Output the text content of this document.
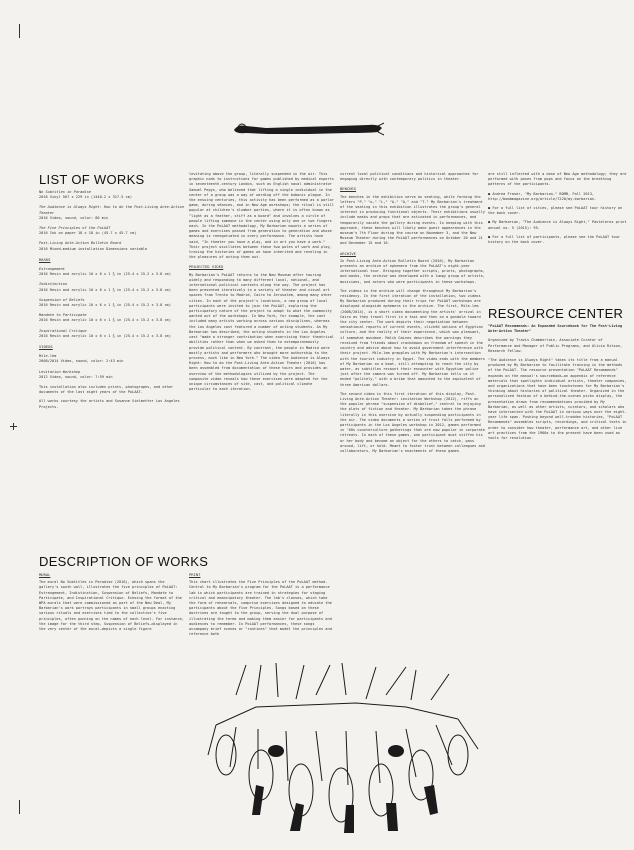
LIST OF WORKS
No Subtitles in Paradise
2016 Vinyl 567 x 229 in (1440.2 x 317.5 cm)
The Audience is Always Right: How to do the Post-Living Ante-Action Theater
2016 Video, sound, color: 80 min
The Five Principles of the PoLAAT
2016 Ink on paper 18 x 18 in (45.7 x 45.7 cm)
Post-Living Ante-Action Bulletin Board
2016 Mixed-medium installation Dimensions variable
MASKS
Estrangement
2016 Resin and acrylic 10 x 6 x 1 ¾ in (25.4 x 15.2 x 3.8 cm)
Indistinction
2016 Resin and acrylic 10 x 6 x 1 ¾ in (25.4 x 15.2 x 3.8 cm)
Suspension of Beliefs
2016 Resin and acrylic 10 x 6 x 1 ¾ in (25.4 x 15.2 x 3.8 cm)
Mandate to Participate
2016 Resin and acrylic 10 x 6 x 1 ¾ in (25.4 x 15.2 x 3.8 cm)
Inspirational Critique
2016 Resin and acrylic 10 x 6 x 1 ¾ in (25.4 x 15.2 x 3.8 cm)
VIDEOS
Mile-lem
2008/2014 Video, sound, color: 2:43 min
Levitation Workshop
2012 Video, sound, color: 7:59 min

This installation also includes prints, photographs, and other documents of the last eight years of the PoLAAT.

All works courtesy the artists and Susanne Vielmetter Los Angeles Projects.

DESCRIPTION OF WORKS
MURAL

The mural No Subtitles in Paradise (2016), which spans the gallery's south wall, illustrates the five principles of PoLAAT: Estrangement, Indistinction, Suspension of Beliefs, Mandate to Participate, and Inspirational Critique. Echoing the format of the WPA murals that were commissioned as part of the New Deal, My Barbarian's work portrays participants in small groups enacting various rituals and exercises tied to the collective's five principles, often punning on the names of each level. For instance, the image for the third step, Suspension of Beliefs—displayed in the very center of the mural—depicts a single figure

levitating above the group, literally suspended in the air. This graphic nods to instructions for games published by medical experts in seventeenth-century London, such as English naval administrator Samuel Pepys, who believed that lifting a single individual in the center of a group was a way of warding off the bubonic plague. In the ensuing centuries, this activity has been performed as a parlor game, during séances, and in New Age workshops; the ritual is still popular at children's slumber parties, where it is often known as "light as a feather, stiff as a board" and involves a circle of people lifting someone in the center using only one or two fingers each. In the PoLAAT methodology, My Barbarian mounts a series of games and exercises passed from generation to generation and whose meaning is renegotiated in every performance. The artists have said, "In theater you have a play, and in art you have a work." Their project oscillates between these two poles of work and play, tracing the histories of games we have inherited and reveling in the pleasures of acting them out.

PROJECTED VIDEO

My Barbarian's PoLAAT returns to the New Museum after touring widely and responding to many different local, national, and international political contexts along the way. The project has been presented iteratively in a variety of theater and visual art spaces from Trento to Madrid, Cairo to Jerusalem, among many other cities. In each of the project's locations, a new group of local participants were invited to join the PoLAAT, exploring the participatory nature of the project to adapt to what the community wanted out of the workshops. In New York, for example, the cast included many artists working across various disciplines, whereas the Los Angeles cast featured a number of acting students. As My Barbarian has described, the acting students in the Los Angeles cast "made a stronger contribution when exercising their theatrical abilities rather than when we asked them to extemporaneously provide political content. By contrast, the people in Madrid were mostly artists and performers who brought more authorship to the process, much like in New York." The video The Audience is Always Right: How to do the Post-Living Ante-Action Theater (2016) has been assembled from documentation of these tours and provides an overview of the methodologies utilized by the project. The composite video reveals how these exercises were adapted for the unique circumstances of site, cast, and political climate particular to each iteration.

PRINT

This chart illustrates the Five Principles of the PoLAAT method. Central to My Barbarian's program for the PoLAAT is a performance lab in which participants are trained in strategies for staging critical and emancipatory theater. The lab's classes, which take the form of rehearsals, comprise exercises designed to educate the participants about the Five Principles. Songs based on these doctrines are taught to the group, serving the dual purpose of illustrating the terms and making them easier for participants and audiences to remember. In PoLAAT performances, these songs accompany brief scenes or "routines" that model the principles and reference both

current local political conditions and historical approaches for engaging directly with contemporary politics in theater.

BENCHES

The benches in the exhibition serve as seating, while forming the letters "P," "o," "L," "A," "A," and "T." My Barbarian's treatment of the seating in this exhibition illustrates the group's general interest in producing functional objects. Their exhibitions usually include masks and props that are activated in performances, and temporarily vacate the gallery during events. In keeping with this approach, these benches will likely make guest appearances in the museum's 7th Floor during the course on November 3, and the New Museum Theater during the PoLAAT performances on October 20 and 21 and December 15 and 16.

ARCHIVE

In Post-Living Ante-Action Bulletin Board (2016), My Barbarian presents an archive of ephemera from the PoLAAT's eight-year international tour. Bringing together scripts, prints, photographs, and masks, the archive was developed with a lumpy group of artists, musicians, and actors who were participants in these workshops.

The videos in the archive will change throughout My Barbarian's residency. In the first iteration of the installation, two videos My Barbarian produced during their trips for PoLAAT workshops are displayed alongside ephemera in the archive. The first, Mile-lem (2008/2014), is a short video documenting the artists' arrival in Cairo as they travel first in a taxi and then on a gondola toward the city center. The work depicts their negotiation between sensational reports of current events, clichéd notions of Egyptian culture, and the reality of their experience, which was pleasant, if somewhat mundane. Malik Gaines describes the warnings they received from friends about crackdowns on freedom of speech in the country and advice about how to avoid government interference with their project. Mile-lem grapples with My Barbarian's intersection with the tourist industry in Egypt. The video ends with the members of My Barbarian on a boat, still attempting to reach the city by water, as subtitles recount their encounter with Egyptian police just after the camera was turned off. My Barbarian tells us it ended "politely," with a bribe that amounted to the equivalent of three American dollars.

The second video in this first iteration of this display, Post-Living Ante-Action Theater: Levitation Workshop (2012), riffs on the popular phrase "suspension of disbelief," central to enjoying the plots of fiction and theater. My Barbarian takes the phrase literally in this exercise by actually suspending participants in the air. The video documents a series of trust falls performed by participants in the Los Angeles workshop in 2012, games performed in '60s counterculture gatherings that are now popular in corporate retreats. In each of these games, one participant must stiffen his or her body and become an object for the others to catch, pass around, lift, or hold. Meant to foster trust between colleagues and collaborators, My Barbarian's enactments of these games

are still inflected with a dose of New Age methodology; they are performed with poses from pops and focus on the breathing patterns of the participants.

● Andrea Fraser, "My Barbarian," BOMB, Fall 2013, http://bombmagazine.org/article/7220/my-barbarian.

● For a full list of cities, please see PoLAAT tour history on the back cover.

● My Barbarian, "The Audience is Always Right," Pasteleros print annual no. 5 (2015): 95.

● For a full list of participants, please see the PoLAAT tour history on the back cover.

RESOURCE CENTER

"PoLAAT Recommends: An Expanded Sourcebook for The Post-Living Ante-Action Theater"

Organized by Travis Chamberlain, Associate Curator of Performance and Manager of Public Programs, and Alicia Ritson, Research Fellow.

"The Audience is Always Right" takes its title from a manual produced by My Barbarian to facilitate training in the methods of the PoLAAT. The resource presentation "PoLAAT Recommends" expands on the manual's sourcebook—an appendix of reference materials that spotlights individual artists, theater companies, and organizations that have been touchstones for My Barbarian's thinking about histories of political theater. Organized in the personalized fashion of a behind-the-scenes picks display, the presentation draws from recommendations provided by My Barbarian, as well as other artists, curators, and scholars who have intersected with the PoLAAT in various ways over the eight-year life span. Pushing beyond well-trodden histories, "PoLAAT Recommends" assembles scripts, recordings, and critical texts in order to consider how theater, performance art, and other live art practices from the 1960s to the present have been used as tools for revolution.
